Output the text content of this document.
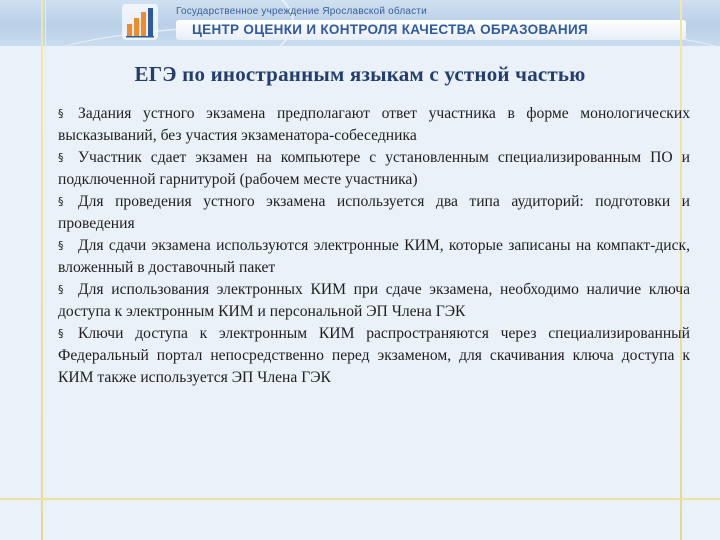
Государственное учреждение Ярославской области
ЦЕНТР ОЦЕНКИ И КОНТРОЛЯ КАЧЕСТВА ОБРАЗОВАНИЯ
ЕГЭ по иностранным языкам с устной частью

§ Задания устного экзамена предполагают ответ участника в форме монологических высказываний, без участия экзаменатора-собеседника

§ Участник сдает экзамен на компьютере с установленным специализированным ПО и подключенной гарнитурой (рабочем месте участника)

§ Для проведения устного экзамена используется два типа аудиторий: подготовки и проведения

§ Для сдачи экзамена используются электронные КИМ, которые записаны на компакт-диск, вложенный в доставочный пакет

§ Для использования электронных КИМ при сдаче экзамена, необходимо наличие ключа доступа к электронным КИМ и персональной ЭП Члена ГЭК

§ Ключи доступа к электронным КИМ распространяются через специализированный Федеральный портал непосредственно перед экзаменом, для скачивания ключа доступа к КИМ также используется ЭП Члена ГЭК
